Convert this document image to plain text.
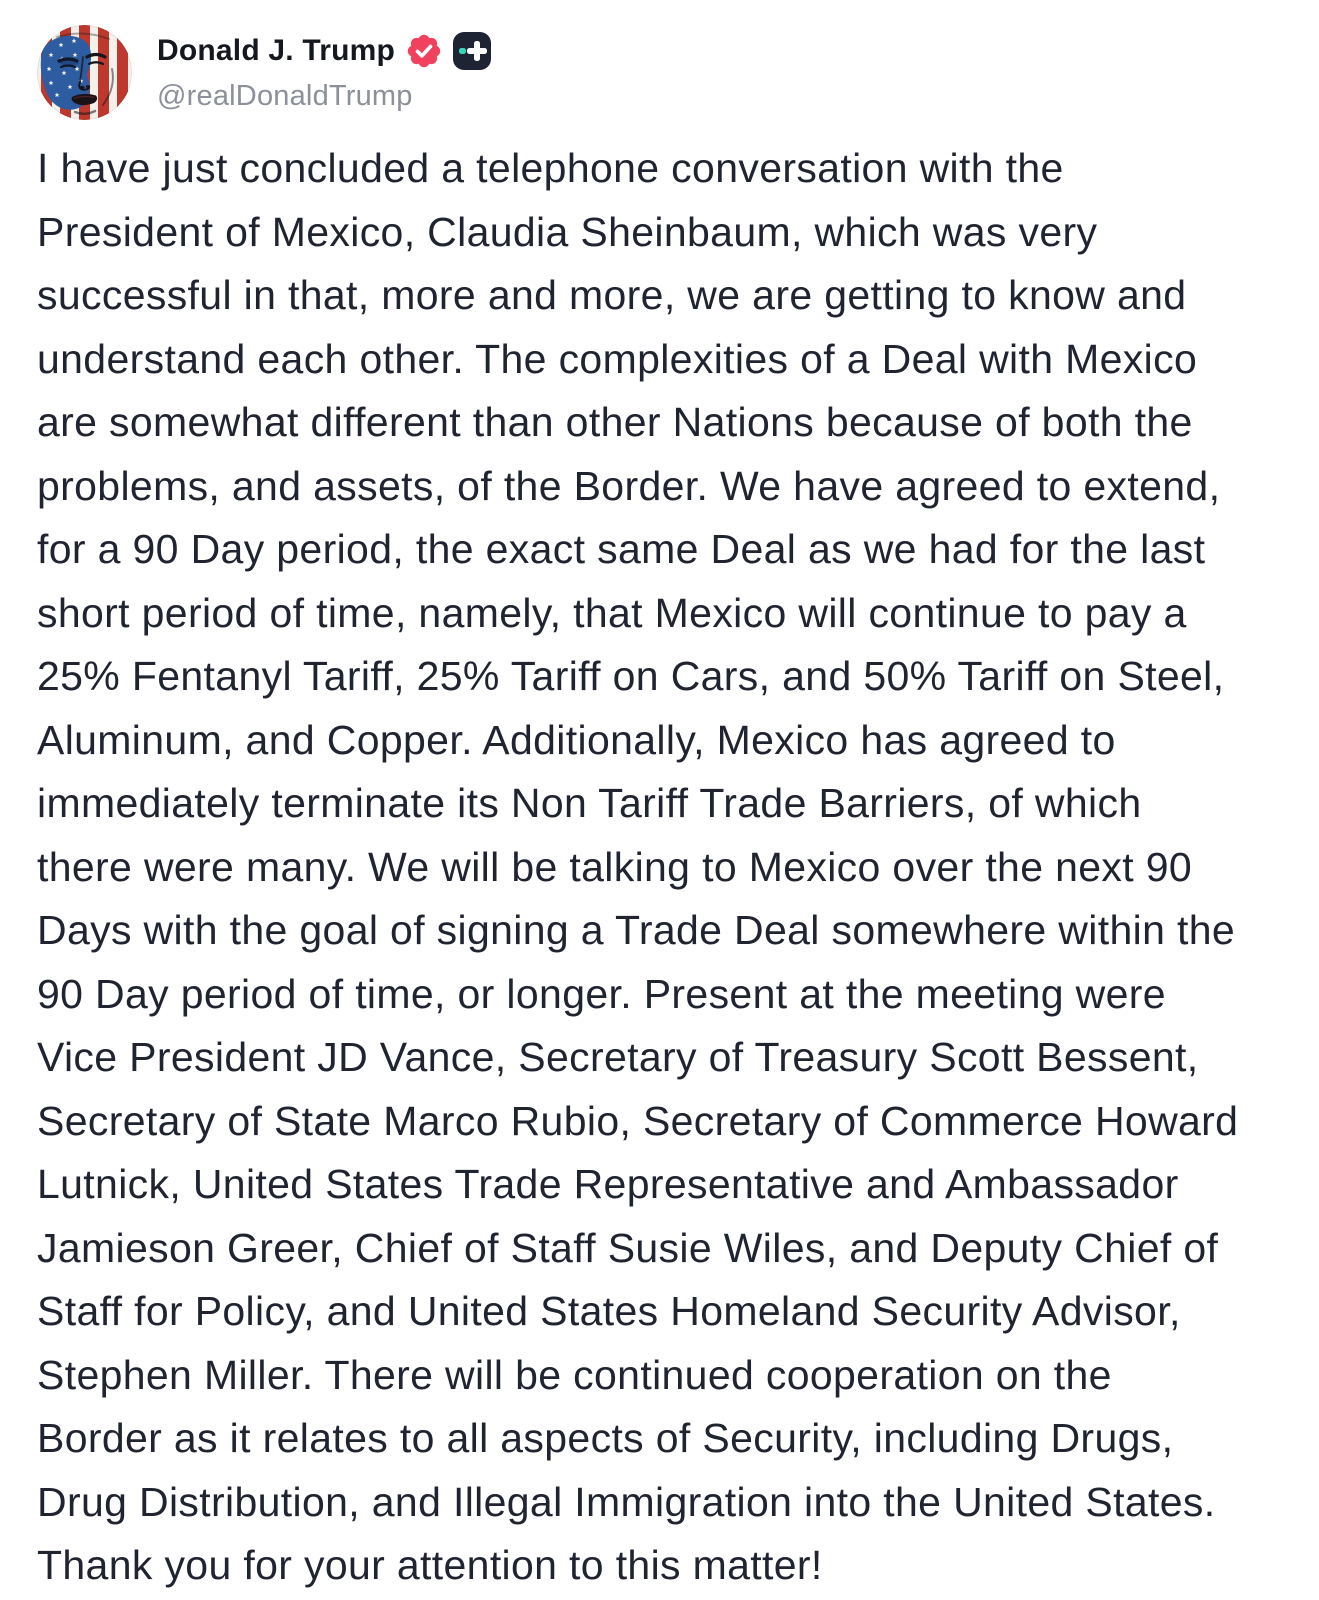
Donald J. Trump
@realDonaldTrump
I have just concluded a telephone conversation with the
President of Mexico, Claudia Sheinbaum, which was very
successful in that, more and more, we are getting to know and
understand each other. The complexities of a Deal with Mexico
are somewhat different than other Nations because of both the
problems, and assets, of the Border. We have agreed to extend,
for a 90 Day period, the exact same Deal as we had for the last
short period of time, namely, that Mexico will continue to pay a
25% Fentanyl Tariff, 25% Tariff on Cars, and 50% Tariff on Steel,
Aluminum, and Copper. Additionally, Mexico has agreed to
immediately terminate its Non Tariff Trade Barriers, of which
there were many. We will be talking to Mexico over the next 90
Days with the goal of signing a Trade Deal somewhere within the
90 Day period of time, or longer. Present at the meeting were
Vice President JD Vance, Secretary of Treasury Scott Bessent,
Secretary of State Marco Rubio, Secretary of Commerce Howard
Lutnick, United States Trade Representative and Ambassador
Jamieson Greer, Chief of Staff Susie Wiles, and Deputy Chief of
Staff for Policy, and United States Homeland Security Advisor,
Stephen Miller. There will be continued cooperation on the
Border as it relates to all aspects of Security, including Drugs,
Drug Distribution, and Illegal Immigration into the United States.
Thank you for your attention to this matter!
